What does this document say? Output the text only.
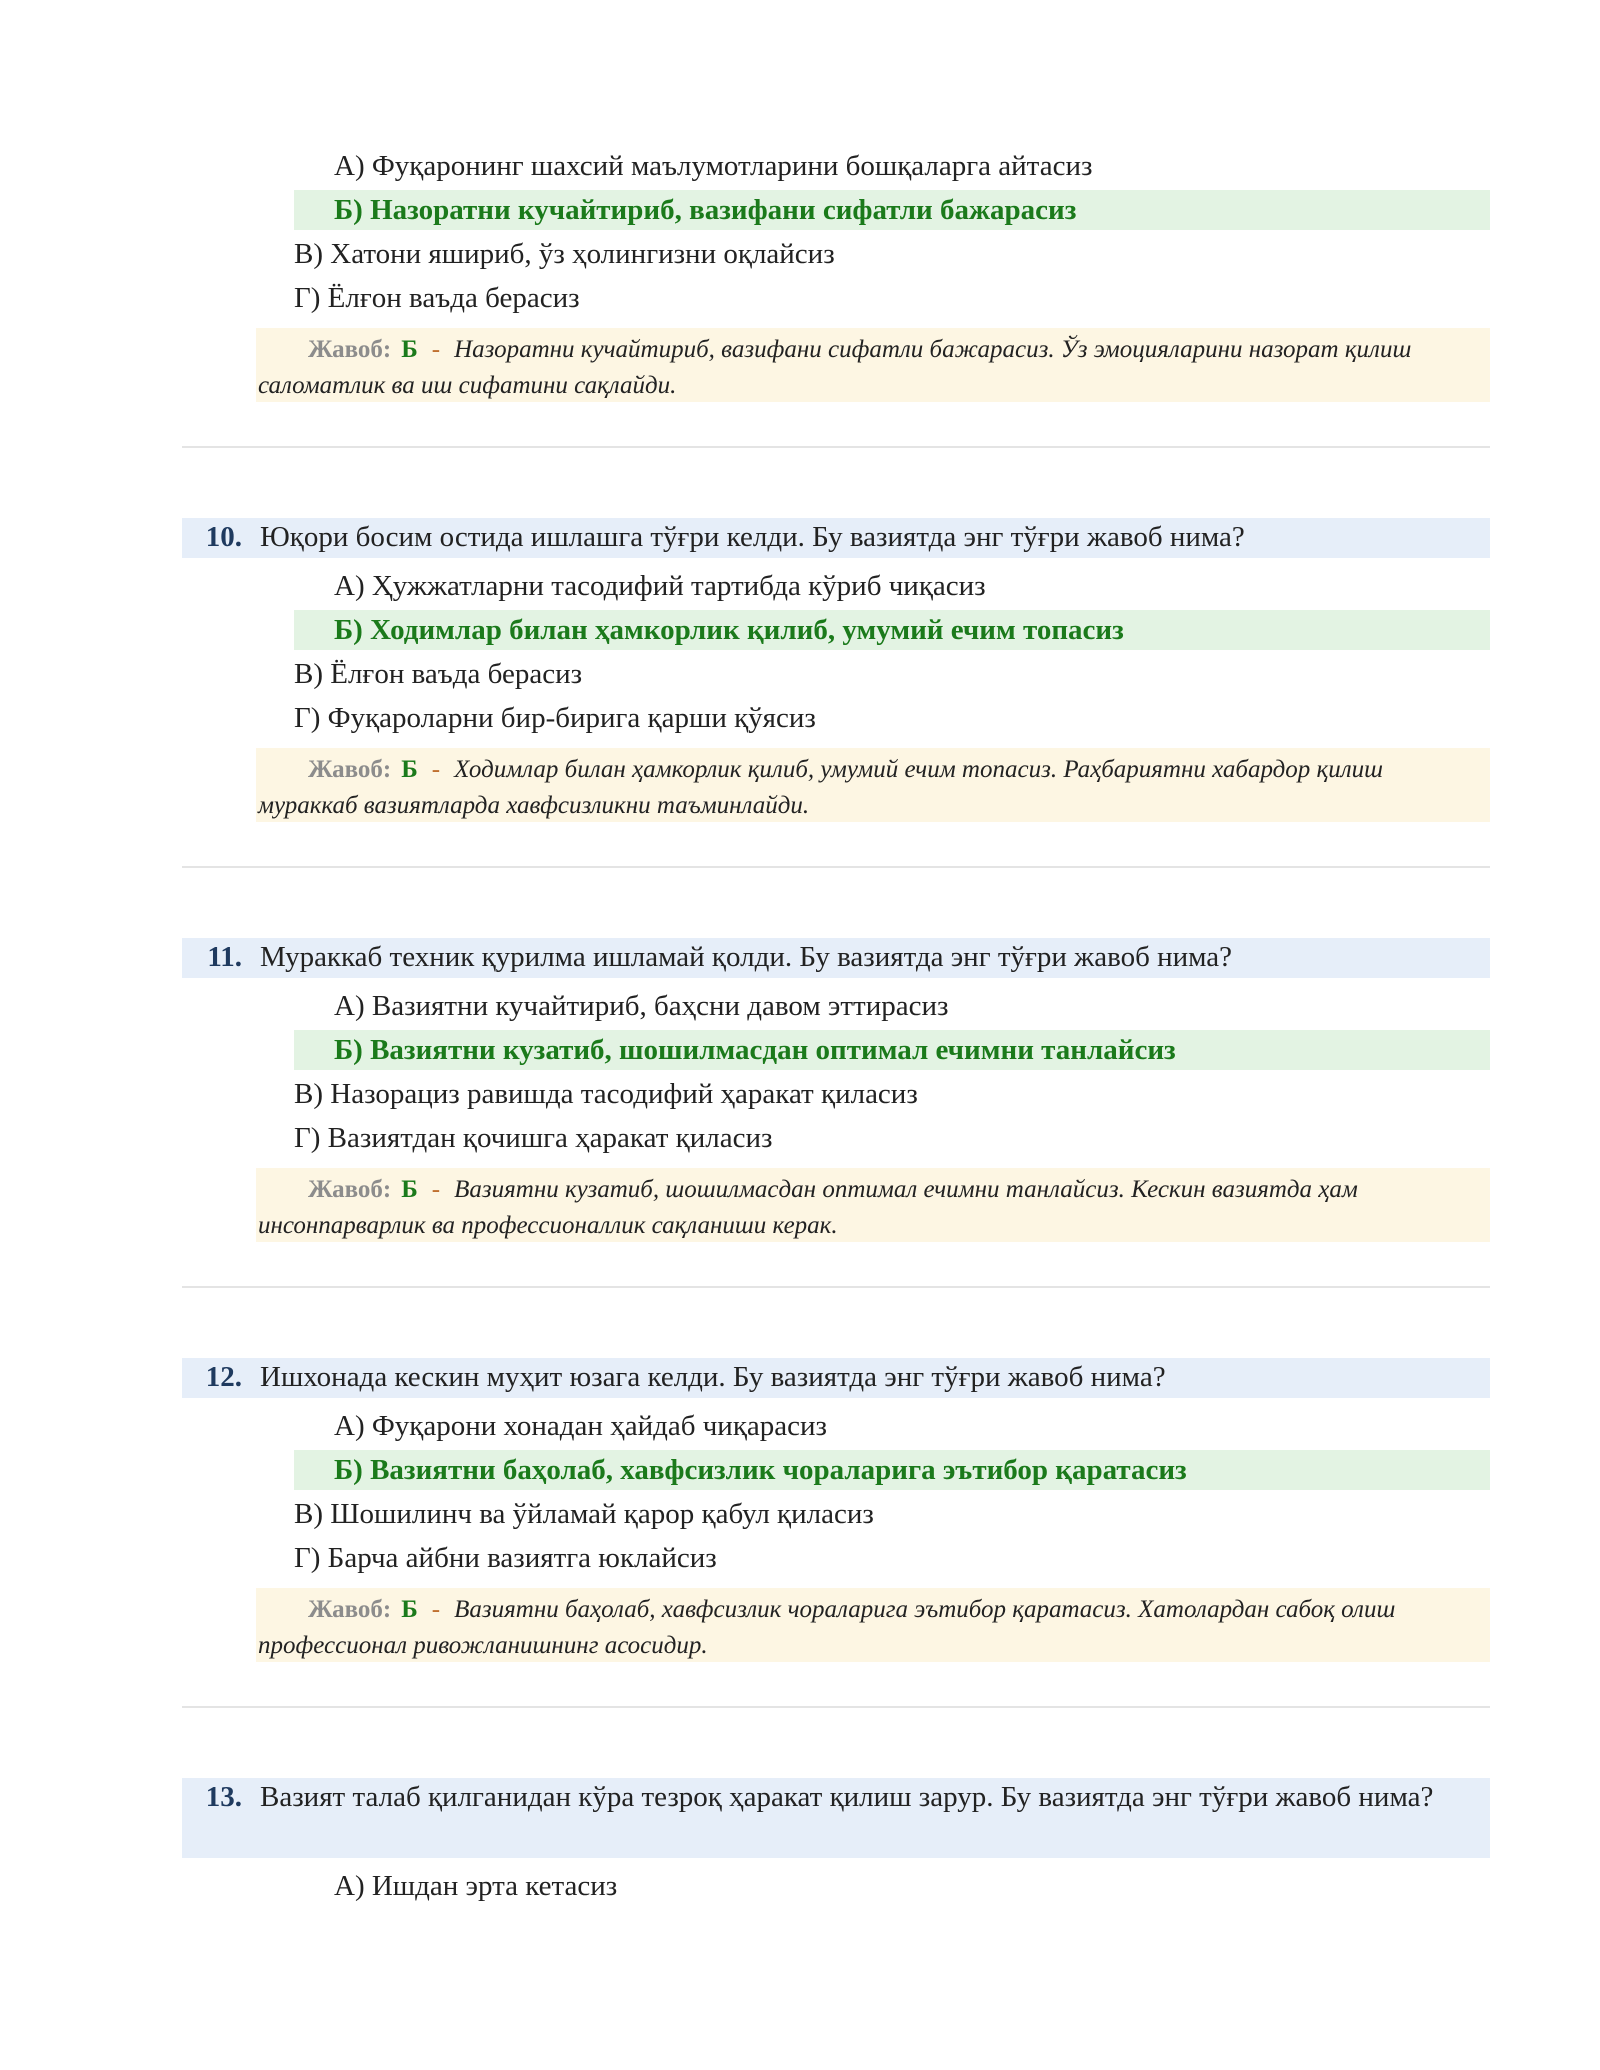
А) Фуқаронинг шахсий маълумотларини бошқаларга айтасиз
Б) Назоратни кучайтириб, вазифани сифатли бажарасиз
В) Хатони яшириб, ўз ҳолингизни оқлайсиз
Г) Ёлғон ваъда берасиз
Жавоб: Б - Назоратни кучайтириб, вазифани сифатли бажарасиз. Ўз эмоцияларини назорат қилиш саломатлик ва иш сифатини сақлайди.
10. Юқори босим остида ишлашга тўғри келди. Бу вазиятда энг тўғри жавоб нима?
А) Ҳужжатларни тасодифий тартибда кўриб чиқасиз
Б) Ходимлар билан ҳамкорлик қилиб, умумий ечим топасиз
В) Ёлғон ваъда берасиз
Г) Фуқароларни бир-бирига қарши қўясиз
Жавоб: Б - Ходимлар билан ҳамкорлик қилиб, умумий ечим топасиз. Раҳбариятни хабардор қилиш мураккаб вазиятларда хавфсизликни таъминлайди.
11. Мураккаб техник қурилма ишламай қолди. Бу вазиятда энг тўғри жавоб нима?
А) Вазиятни кучайтириб, баҳсни давом эттирасиз
Б) Вазиятни кузатиб, шошилмасдан оптимал ечимни танлайсиз
В) Назорациз равишда тасодифий ҳаракат қиласиз
Г) Вазиятдан қочишга ҳаракат қиласиз
Жавоб: Б - Вазиятни кузатиб, шошилмасдан оптимал ечимни танлайсиз. Кескин вазиятда ҳам инсонпарварлик ва профессионаллик сақланиши керак.
12. Ишхонада кескин муҳит юзага келди. Бу вазиятда энг тўғри жавоб нима?
А) Фуқарони хонадан ҳайдаб чиқарасиз
Б) Вазиятни баҳолаб, хавфсизлик чораларига эътибор қаратасиз
В) Шошилинч ва ўйламай қарор қабул қиласиз
Г) Барча айбни вазиятга юклайсиз
Жавоб: Б - Вазиятни баҳолаб, хавфсизлик чораларига эътибор қаратасиз. Хатолардан сабоқ олиш профессионал ривожланишнинг асосидир.
13. Вазият талаб қилганидан кўра тезроқ ҳаракат қилиш зарур. Бу вазиятда энг тўғри жавоб нима?
А) Ишдан эрта кетасиз
